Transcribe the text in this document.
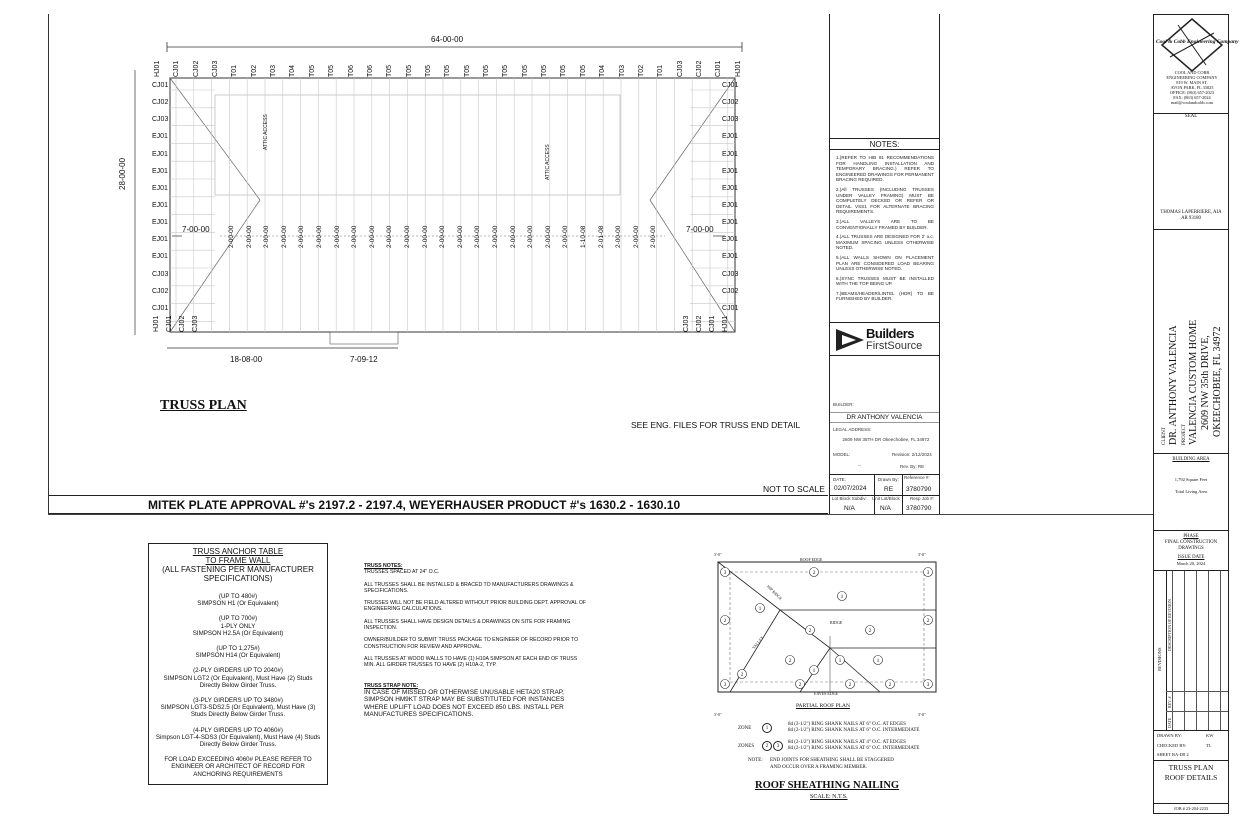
64-00-00
28-00-00
HJ01 CJ01 CJ02 CJ03 T01 T02 T03 T04 T05 T05 T06 T06 T05 T05 T05 T05 T05 T05 T05 T05 T05 T05 T05 T04 T03 T02 T01 CJ03 CJ02 CJ01 HJ01
CJ01
CJ02
CJ03
EJ01
EJ01
EJ01
EJ01
EJ01
EJ01
EJ01
EJ01
CJ03
CJ02
CJ01
CJ01
CJ02
CJ03
EJ01
EJ01
EJ01
EJ01
EJ01
EJ01
EJ01
EJ01
CJ03
CJ02
CJ01
HJ01 CJ01 CJ02 CJ03	CJ03 CJ02 CJ01 HJ01
2-00-00 2-00-00 2-00-00 2-00-00 2-00-00 2-00-00 2-00-00 2-00-00 2-00-00 2-00-00 2-00-00 2-00-00 2-00-00 2-00-00 2-00-00 2-00-00 2-00-00 2-00-00 2-00-00 2-00-00 1-10-08 2-01-08 2-00-00 2-00-00 2-00-00
7-00-00	7-00-00
18-08-00	7-09-12
ATTIC ACCESS
ATTIC ACCESS
TRUSS PLAN
SEE ENG. FILES FOR TRUSS END DETAIL
NOT TO SCALE
MITEK PLATE APPROVAL #'s 2197.2 - 2197.4, WEYERHAUSER PRODUCT #'s 1630.2 - 1630.10
NOTES:
1.)REFER TO HIB 91 RECOMMENDATIONS FOR HANDLING INSTALLATION AND TEMPORARY BRACING.) REFER TO ENGINEERED DRAWINGS FOR PERMANENT BRACING REQUIRED.
2.)All TRUSSES (INCLUDING TRUSSES UNDER VALLEY FRAMING) MUST BE COMPLETELY DECKED OR REFER OR DETAIL VSS1 FOR ALTERNATE BRACING REQUIREMENTS.
3.)ALL VALLEYS ARE TO BE CONVENTIONALLY FRAMED BY BUILDER.
4.)ALL TRUSSES ARE DESIGNED FOR 2' o.c. MAXIMUM SPACING UNLESS OTHERWISE NOTED.
5.)ALL WALLS SHOWN ON PLACEMENT PLAN ARE CONSIDERED LOAD BEARING UNLESS OTHERWISE NOTED.
6.)SYNC TRUSSES MUST BE INSTALLED WITH THE TOP BEING UP.
7.)BEAMS/HEADER/LINTEL (HDR) TO BE FURNISHED BY BUILDER.
Builders
FirstSource
BUILDER:
DR ANTHONY VALENCIA
LEGAL ADDRESS:
2609 NW 35TH DR Okeechobee, FL 34972
MODEL:
--
Revision: 2/12/2024
Rev. By: RE
DATE:
02/07/2024
Drawn By:
RE
Reference #:
3780790
Lot Block Subdiv:
N/A
Unit Lot/Block
N/A
Resp Job #:
3780790
Cool & Cobb Engineering Company
COOL AND COBB
ENGINEERING COMPANY
819 W. MAIN ST.
AVON PARK, FL 33825
OFFICE: (863) 657-2023
FAX: (863) 657-2024
mail@coolandcobb.com
SEAL
THOMAS LAPERRIERE, AIA AR 93180
CLIENT DR. ANTHONY VALENCIA PROJECT VALENCIA CUSTOM HOME 2609 NW 35th DRIVE, OKEECHOBEE, FL 34972
BUILDING AREA
1,792 Square Feet
Total Living Area
PHASE
FINAL CONSTRUCTION DRAWINGS
ISSUE DATE
March 20, 2024
REVISIONS
DESCRIPTION OF REVISION
REV. #
DATE
DRAWN BY:	KW
CHECKED BY:	TL
SHEET RA-D8 2
TRUSS PLAN
ROOF DETAILS
JOB # 23-204-2233
TRUSS ANCHOR TABLE
TO FRAME WALL
(ALL FASTENING PER MANUFACTURER SPECIFICATIONS)
(UP TO 480#)
SIMPSON H1 (Or Equivalent)
(UP TO 700#)
1-PLY ONLY
SIMPSON H2.5A (Or Equivalent)
(UP TO 1,275#)
SIMPSON H14 (Or Equivalent)
(2-PLY GIRDERS UP TO 2040#)
SIMPSON LGT2 (Or Equivalent), Must Have (2) Studs Directly Below Girder Truss.
(3-PLY GIRDERS UP TO 3480#)
SIMPSON LGT3-SDS2.5 (Or Equivalent), Must Have (3) Studs Directly Below Girder Truss.
(4-PLY GIRDERS UP TO 4060#)
Simpson LGT-4-SDS3 (Or Equivalent), Must Have (4) Studs Directly Below Girder Truss.
FOR LOAD EXCEEDING 4060# PLEASE REFER TO ENGINEER OR ARCHITECT OF RECORD FOR ANCHORING REQUIREMENTS
TRUSS NOTES:
TRUSSES SPACED AT 24" O.C.
ALL TRUSSES SHALL BE INSTALLED & BRACED TO MANUFACTURERS DRAWINGS & SPECIFICATIONS.
TRUSSES WILL NOT BE FIELD ALTERED WITHOUT PRIOR BUILDING DEPT. APPROVAL OF ENGINEERING CALCULATIONS.
ALL TRUSSES SHALL HAVE DESIGN DETAILS & DRAWINGS ON SITE FOR FRAMING INSPECTION.
OWNER/BUILDER TO SUBMIT TRUSS PACKAGE TO ENGINEER OF RECORD PRIOR TO CONSTRUCTION FOR REVIEW AND APPROVAL.
ALL TRUSSES AT WOOD WALLS TO HAVE (1) H10A SIMPSON AT EACH END OF TRUSS MIN. ALL GIRDER TRUSSES TO HAVE (2) H10A-2, TYP.
TRUSS STRAP NOTE:
IN CASE OF MISSED OR OTHERWISE UNUSABLE HETA20 STRAP, SIMPSON HM9KT STRAP MAY BE SUBSTITUTED FOR INSTANCES WHERE UPLIFT LOAD DOES NOT EXCEED 850 LBS. INSTALL PER MANUFACTURES SPECIFICATIONS.
3
2
3
2
1
3
2
3
1
2
2
1
1
2
1
2
2	2
2
ROOF EDGE
EAVES EDGE
RIDGE
HIP RIDGE
VALLEY
3'-0"	3'-0"
3'-0"	3'-0"
PARTIAL ROOF PLAN
ZONE	1
8d (2-1/2") RING SHANK NAILS AT 6" O.C. AT EDGES
8d (2-1/2") RING SHANK NAILS AT 6" O.C. INTERMEDIATE
ZONES	2	3
8d (2-1/2") RING SHANK NAILS AT 4" O.C. AT EDGES
8d (2-1/2") RING SHANK NAILS AT 6" O.C. INTERMEDIATE
NOTE: END JOINTS FOR SHEATHING SHALL BE STAGGERED
AND OCCUR OVER A FRAMING MEMBER.
ROOF SHEATHING NAILING
SCALE: N.T.S.
